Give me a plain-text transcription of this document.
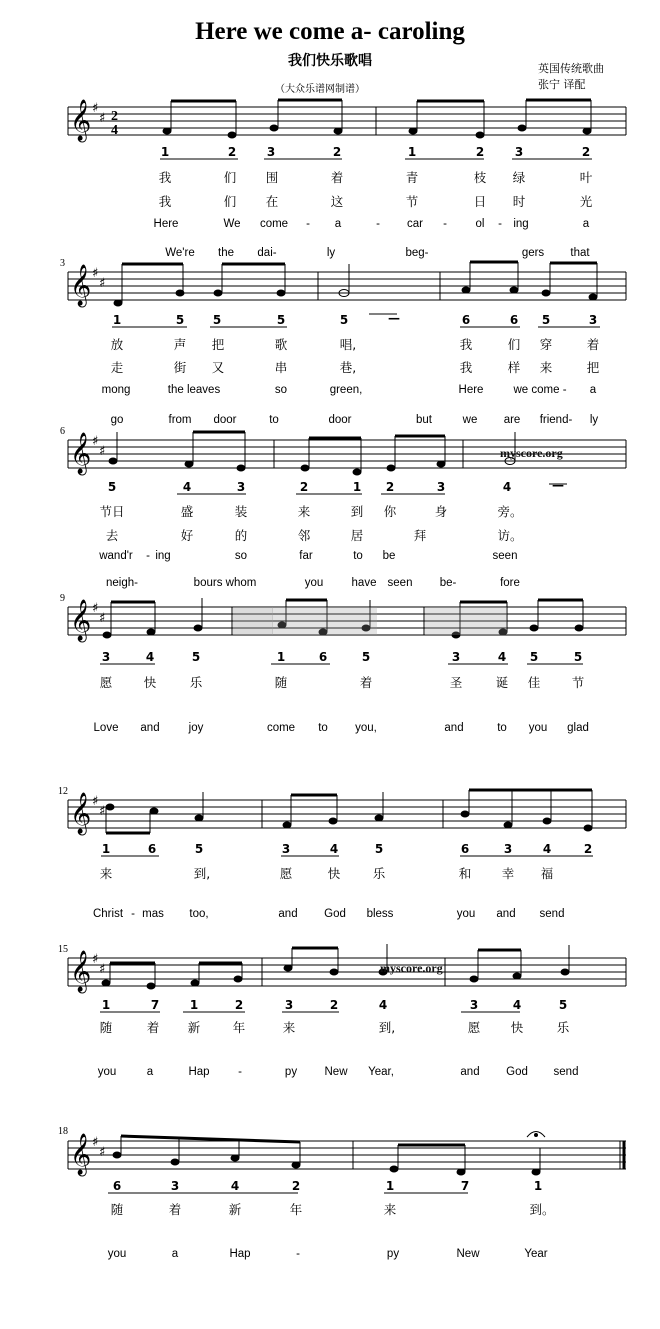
Here we come a- caroling
我们快乐歌唱
（大众乐谱网制谱）
英国传统歌曲
张宁 译配
𝄞
𝄞
𝄞
𝄞
𝄞
𝄞
𝄞
♯
♯
♯
♯
♯
♯
♯
♯
♯
♯
♯
♯
♯
♯
2
4
3
6
9
12
15
18
myscore.org
myscore.org
1	2	3	2	1	2	3	2
我	们 围	着	青	枝 绿	叶
我	们 在	这	节	日 时	光
Here	We come - a	- car - ol - ing	a
We're the dai-	ly	beg-	gers that
1	5 5	5	5	—	6	6 5	3
放	声 把	歌	唱,	我	们 穿	着
走	街 又	串	巷,	我	样 来	把
mong	the leaves	so	green,	Here	we come - a
go	from door	to	door	but	we are friend- ly
5	4	3	2	1 2	3	4	—
节日	盛	装	来	到 你	身	旁。
去	好	的	邻	居	拜	访。
wand'r - ing	so	far	to be	seen
neigh-	bours whom	you have seen be-	fore
3	4	5	1	6	5	3	4 5	5
愿	快	乐	随	着	圣	诞 佳	节
Love and	joy	come to you,	and	to you glad
1	6	5	3	4	5	6	3	4	2
来	到,	愿	快	乐	和 幸 福
Christ - mas too,	and God bless	you and send
1	7	1	2	3	2	4	3	4	5
随	着 新	年	来	到,	愿 快	乐
you	a	Hap -	py New Year,	and God send
6	3	4	2	1	7	1
随	着	新	年	来	到。
you	a	Hap	-	py	New	Year
